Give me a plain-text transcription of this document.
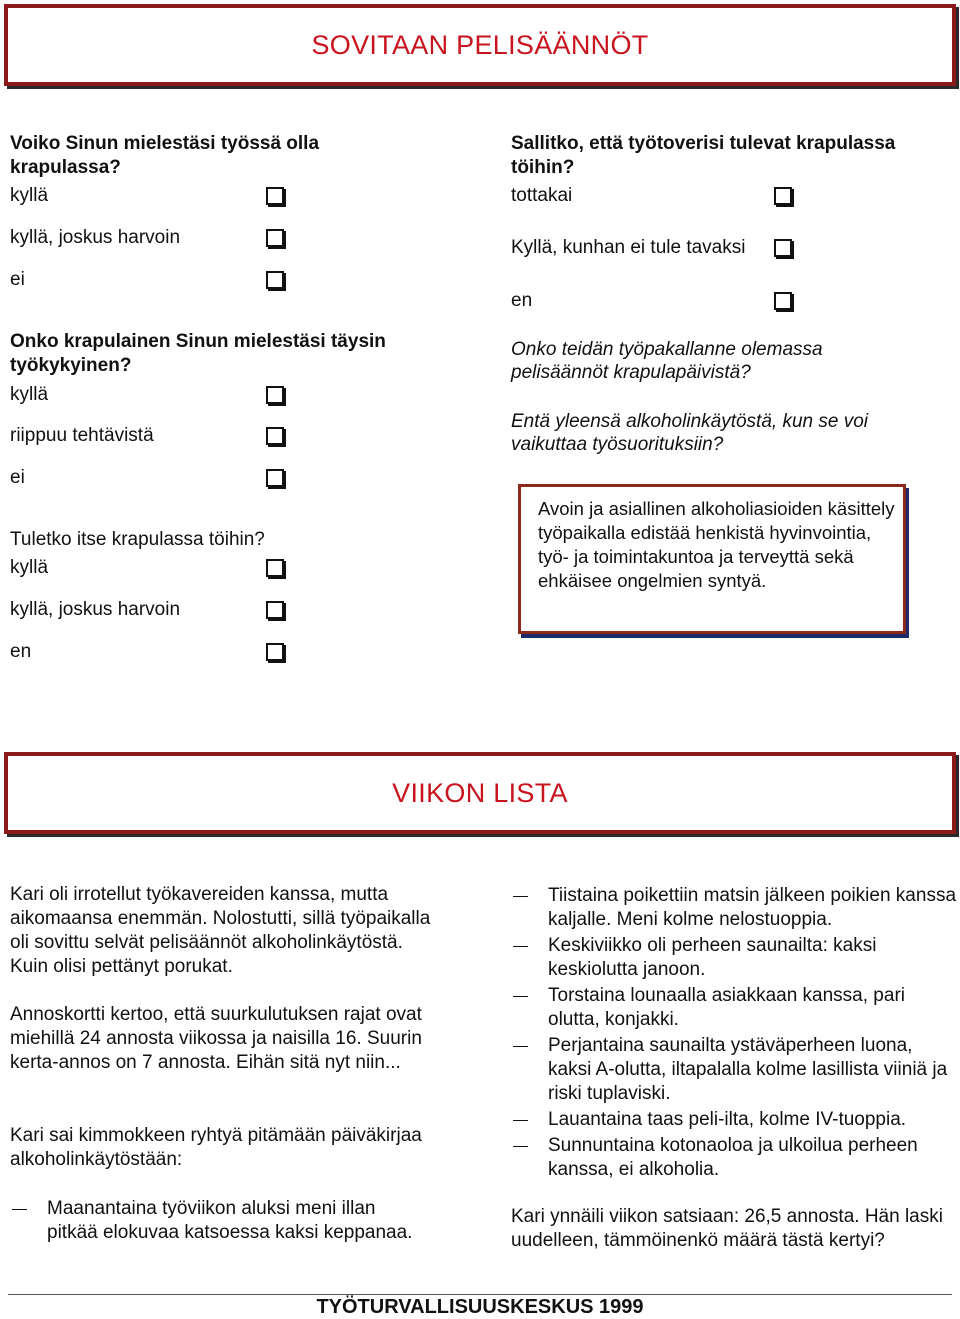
SOVITAAN PELISÄÄNNÖT
Voiko Sinun mielestäsi työssä olla krapulassa?
kyllä
kyllä, joskus harvoin
ei
Onko krapulainen Sinun mielestäsi täysin työkykyinen?
kyllä
riippuu tehtävistä
ei
Tuletko itse krapulassa töihin?
kyllä
kyllä, joskus harvoin
en
Sallitko, että työtoverisi tulevat krapulassa töihin?
tottakai
Kyllä, kunhan ei tule tavaksi
en
Onko teidän työpakallanne olemassa pelisäännöt krapulapäivistä?
Entä yleensä alkoholinkäytöstä, kun se voi vaikuttaa työsuorituksiin?
Avoin ja asiallinen alkoholiasioiden käsittely työpaikalla edistää henkistä hyvinvointia, työ- ja toimintakuntoa ja terveyttä sekä ehkäisee ongelmien syntyä.
VIIKON LISTA
Kari oli irrotellut työkavereiden kanssa, mutta aikomaansa enemmän. Nolostutti, sillä työpaikalla oli sovittu selvät pelisäännöt alkoholinkäytöstä. Kuin olisi pettänyt porukat.
Annoskortti kertoo, että suurkulutuksen rajat ovat miehillä 24 annosta viikossa ja naisilla 16. Suurin kerta-annos on 7 annosta. Eihän sitä nyt niin...
Kari sai kimmokkeen ryhtyä pitämään päiväkirjaa alkoholinkäytöstään:
Maanantaina työviikon aluksi meni illan pitkää elokuvaa katsoessa kaksi keppanaa.
Tiistaina poikettiin matsin jälkeen poikien kanssa kaljalle. Meni kolme nelostuoppia.
Keskiviikko oli perheen saunailta: kaksi keskiolutta janoon.
Torstaina lounaalla asiakkaan kanssa, pari olutta, konjakki.
Perjantaina saunailta ystäväperheen luona, kaksi A-olutta, iltapalalla kolme lasillista viiniä ja riski tuplaviski.
Lauantaina taas peli-ilta, kolme IV-tuoppia.
Sunnuntaina kotonaoloa ja ulkoilua perheen kanssa, ei alkoholia.
Kari ynnäili viikon satsiaan: 26,5 annosta. Hän laski uudelleen, tämmöinenkö määrä tästä kertyi?
TYÖTURVALLISUUSKESKUS 1999
